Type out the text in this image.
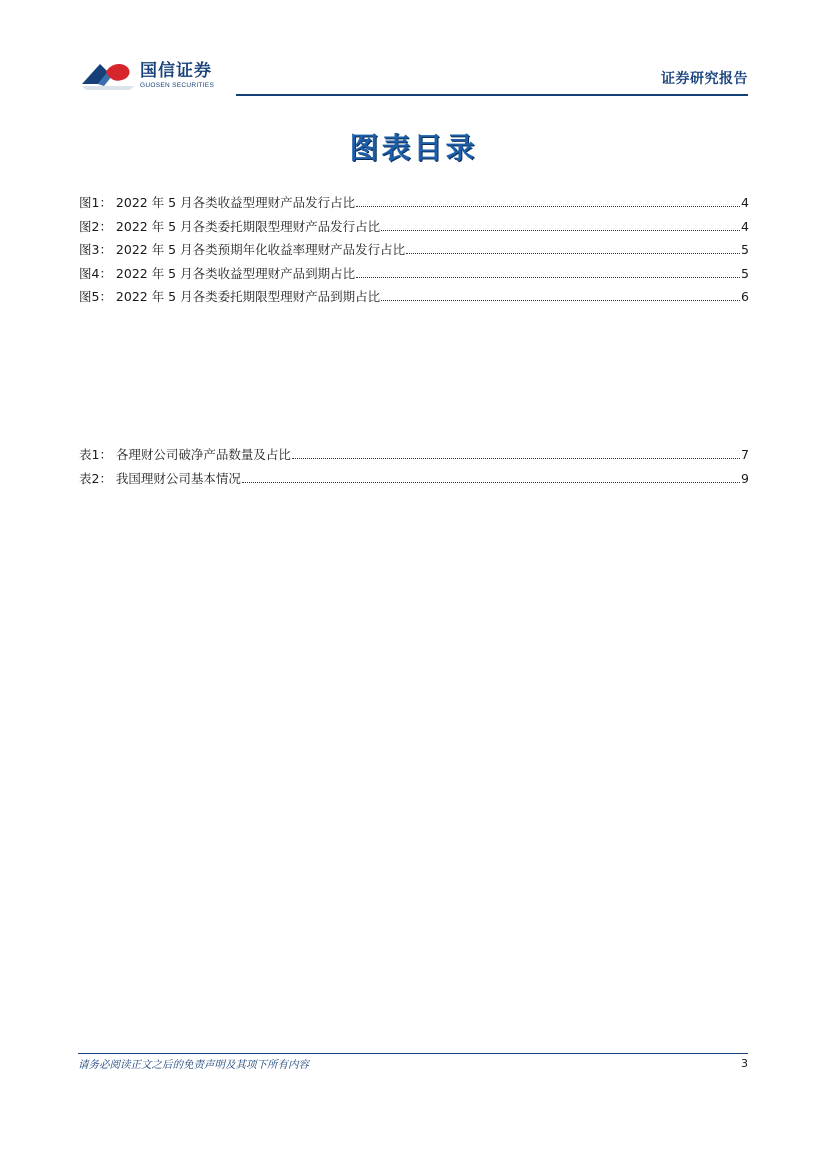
国信证券
GUOSEN SECURITIES	证券研究报告
图表目录
图1： 2022 年 5 月各类收益型理财产品发行占比	4
图2： 2022 年 5 月各类委托期限型理财产品发行占比	4
图3： 2022 年 5 月各类预期年化收益率理财产品发行占比	5
图4： 2022 年 5 月各类收益型理财产品到期占比	5
图5： 2022 年 5 月各类委托期限型理财产品到期占比	6
表1： 各理财公司破净产品数量及占比	7
表2： 我国理财公司基本情况	9
请务必阅读正文之后的免责声明及其项下所有内容	3
